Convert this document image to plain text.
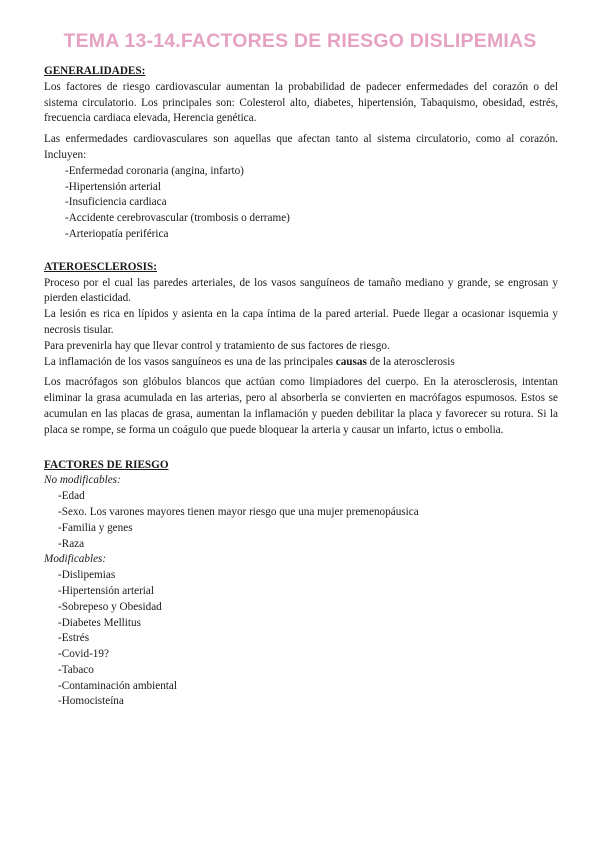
TEMA 13-14.FACTORES DE RIESGO DISLIPEMIAS
GENERALIDADES:

Los factores de riesgo cardiovascular aumentan la probabilidad de padecer enfermedades del corazón o del sistema circulatorio. Los principales son: Colesterol alto, diabetes, hipertensión, Tabaquismo, obesidad, estrés, frecuencia cardiaca elevada, Herencia genética.

Las enfermedades cardiovasculares son aquellas que afectan tanto al sistema circulatorio, como al corazón. Incluyen:

-Enfermedad coronaria (angina, infarto)
-Hipertensión arterial
-Insuficiencia cardiaca
-Accidente cerebrovascular (trombosis o derrame)
-Arteriopatía periférica
ATEROESCLEROSIS:

Proceso por el cual las paredes arteriales, de los vasos sanguíneos de tamaño mediano y grande, se engrosan y pierden elasticidad.

La lesión es rica en lípidos y asienta en la capa íntima de la pared arterial. Puede llegar a ocasionar isquemia y necrosis tisular.

Para prevenirla hay que llevar control y tratamiento de sus factores de riesgo.

La inflamación de los vasos sanguíneos es una de las principales causas de la aterosclerosis

Los macrófagos son glóbulos blancos que actúan como limpiadores del cuerpo. En la aterosclerosis, intentan eliminar la grasa acumulada en las arterias, pero al absorberla se convierten en macrófagos espumosos. Estos se acumulan en las placas de grasa, aumentan la inflamación y pueden debilitar la placa y favorecer su rotura. Si la placa se rompe, se forma un coágulo que puede bloquear la arteria y causar un infarto, ictus o embolia.

FACTORES DE RIESGO
No modificables:
-Edad
-Sexo. Los varones mayores tienen mayor riesgo que una mujer premenopáusica
-Familia y genes
-Raza
Modificables:
-Dislipemias
-Hipertensión arterial
-Sobrepeso y Obesidad
-Diabetes Mellitus
-Estrés
-Covid-19?
-Tabaco
-Contaminación ambiental
-Homocisteína
